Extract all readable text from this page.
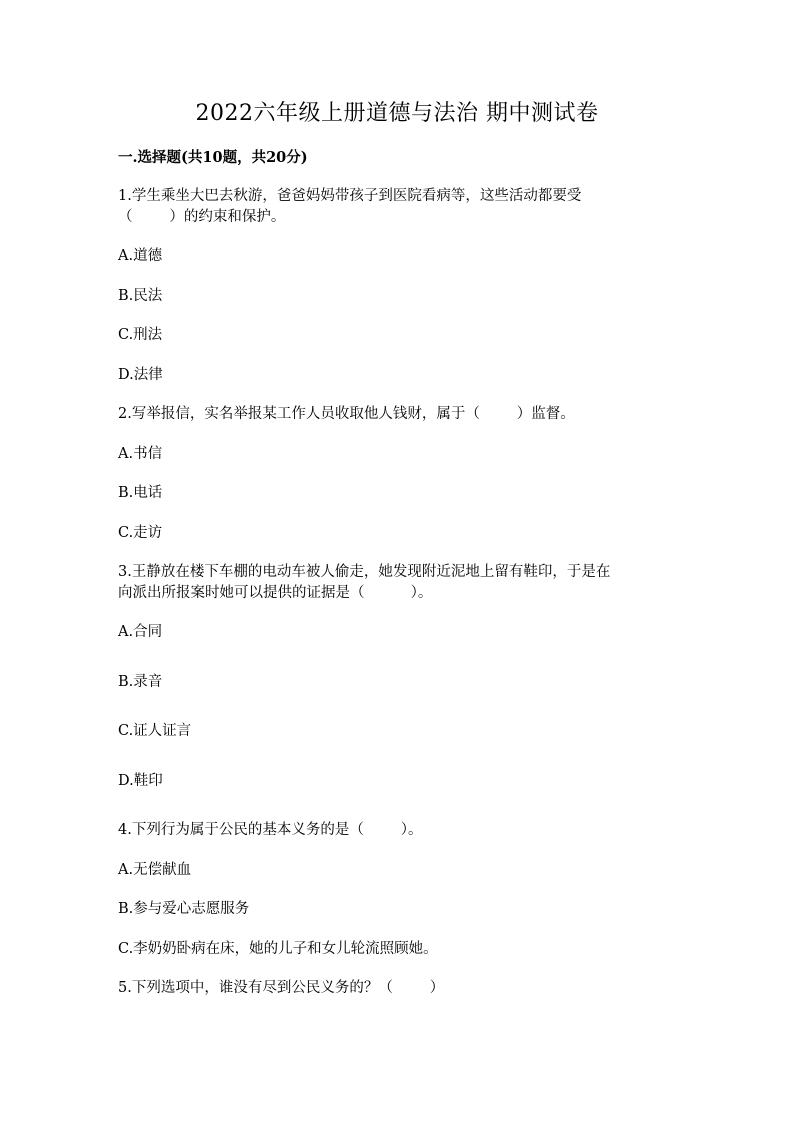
2022六年级上册道德与法治 期中测试卷
一.选择题(共10题，共20分)
1.学生乘坐大巴去秋游，爸爸妈妈带孩子到医院看病等，这些活动都要受
（        ）的约束和保护。
A.道德
B.民法
C.刑法
D.法律
2.写举报信，实名举报某工作人员收取他人钱财，属于（        ）监督。
A.书信
B.电话
C.走访
3.王静放在楼下车棚的电动车被人偷走，她发现附近泥地上留有鞋印，于是在
向派出所报案时她可以提供的证据是（          ）。
A.合同
B.录音
C.证人证言
D.鞋印
4.下列行为属于公民的基本义务的是（        ）。
A.无偿献血
B.参与爱心志愿服务
C.李奶奶卧病在床，她的儿子和女儿轮流照顾她。
5.下列选项中，谁没有尽到公民义务的？（        ）
